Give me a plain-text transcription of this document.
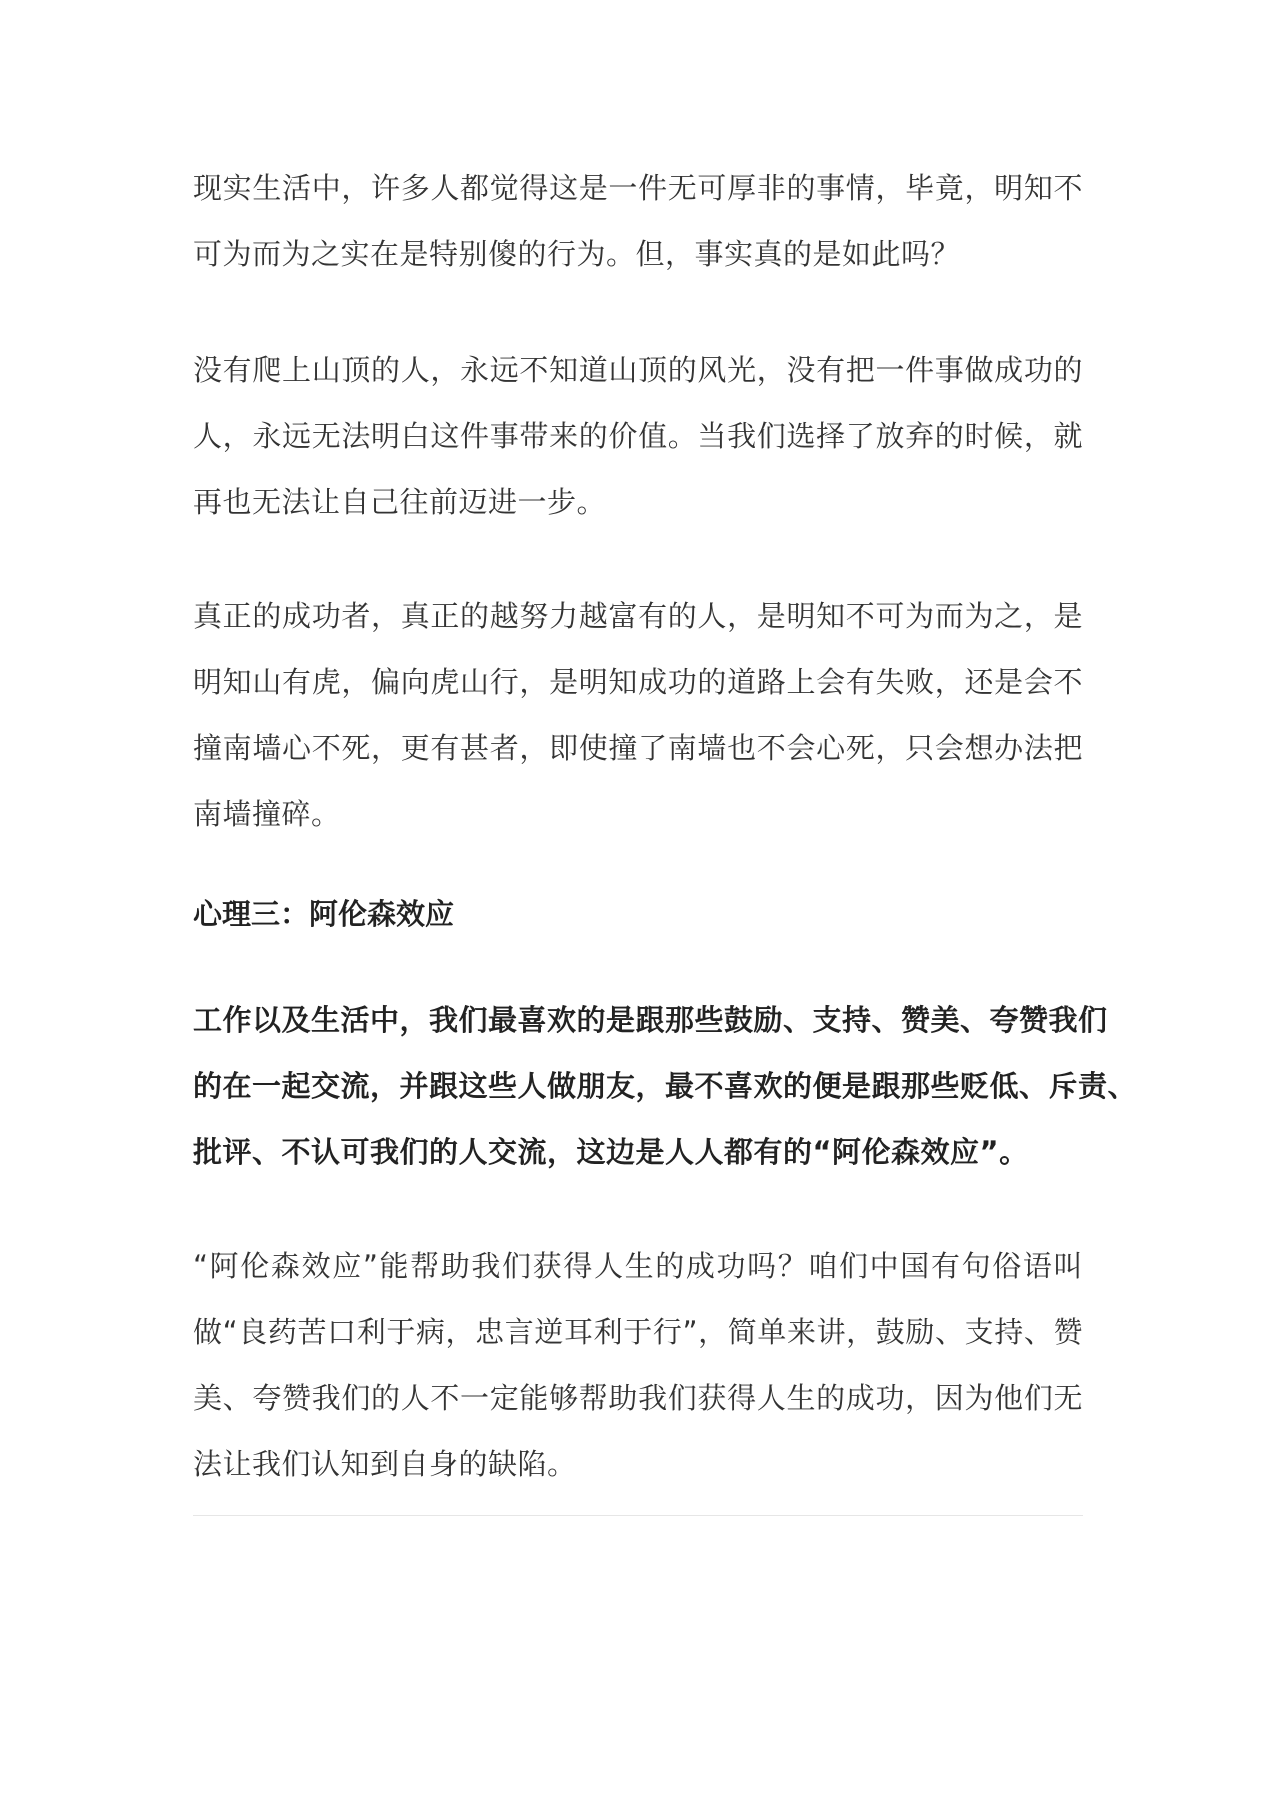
现实生活中，许多人都觉得这是一件无可厚非的事情，毕竟，明知不
可为而为之实在是特别傻的行为。但，事实真的是如此吗？
没有爬上山顶的人，永远不知道山顶的风光，没有把一件事做成功的
人，永远无法明白这件事带来的价值。当我们选择了放弃的时候，就
再也无法让自己往前迈进一步。
真正的成功者，真正的越努力越富有的人，是明知不可为而为之，是
明知山有虎，偏向虎山行，是明知成功的道路上会有失败，还是会不
撞南墙心不死，更有甚者，即使撞了南墙也不会心死，只会想办法把
南墙撞碎。
心理三：阿伦森效应
工作以及生活中，我们最喜欢的是跟那些鼓励、支持、赞美、夸赞我们
的在一起交流，并跟这些人做朋友，最不喜欢的便是跟那些贬低、斥责、
批评、不认可我们的人交流，这边是人人都有的“阿伦森效应”。
“阿伦森效应”能帮助我们获得人生的成功吗？咱们中国有句俗语叫
做“良药苦口利于病，忠言逆耳利于行”，简单来讲，鼓励、支持、赞
美、夸赞我们的人不一定能够帮助我们获得人生的成功，因为他们无
法让我们认知到自身的缺陷。
